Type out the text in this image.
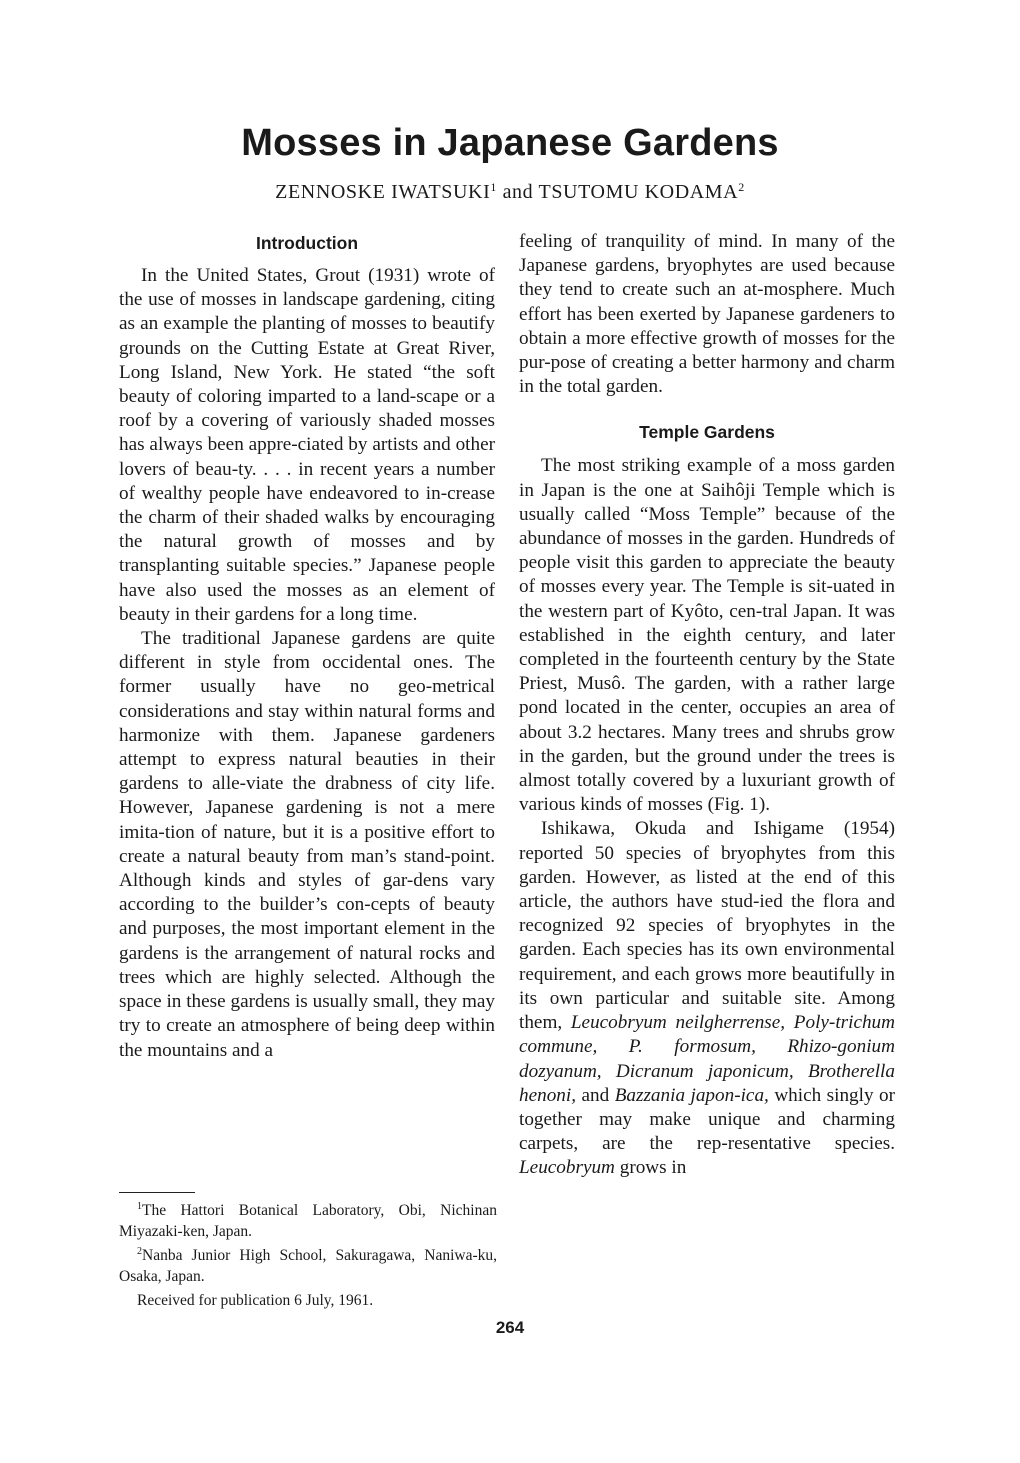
Mosses in Japanese Gardens
ZENNOSKE IWATSUKI$^1$ and TSUTOMU KODAMA$^2$
Introduction

In the United States, Grout (1931) wrote of the use of mosses in landscape gardening, citing as an example the planting of mosses to beautify grounds on the Cutting Estate at Great River, Long Island, New York. He stated “the soft beauty of coloring imparted to a land-scape or a roof by a covering of variously shaded mosses has always been appre-ciated by artists and other lovers of beau-ty. . . . in recent years a number of wealthy people have endeavored to in-crease the charm of their shaded walks by encouraging the natural growth of mosses and by transplanting suitable species.” Japanese people have also used the mosses as an element of beauty in their gardens for a long time.

The traditional Japanese gardens are quite different in style from occidental ones. The former usually have no geo-metrical considerations and stay within natural forms and harmonize with them. Japanese gardeners attempt to express natural beauties in their gardens to alle-viate the drabness of city life. However, Japanese gardening is not a mere imita-tion of nature, but it is a positive effort to create a natural beauty from man’s stand-point. Although kinds and styles of gar-dens vary according to the builder’s con-cepts of beauty and purposes, the most important element in the gardens is the arrangement of natural rocks and trees which are highly selected. Although the space in these gardens is usually small, they may try to create an atmosphere of being deep within the mountains and a

$^1$The Hattori Botanical Laboratory, Obi, Nichinan Miyazaki-ken, Japan.

$^2$Nanba Junior High School, Sakuragawa, Naniwa-ku, Osaka, Japan.

Received for publication 6 July, 1961.

feeling of tranquility of mind. In many of the Japanese gardens, bryophytes are used because they tend to create such an at-mosphere. Much effort has been exerted by Japanese gardeners to obtain a more effective growth of mosses for the pur-pose of creating a better harmony and charm in the total garden.

Temple Gardens

The most striking example of a moss garden in Japan is the one at Saihôji Temple which is usually called “Moss Temple” because of the abundance of mosses in the garden. Hundreds of people visit this garden to appreciate the beauty of mosses every year. The Temple is sit-uated in the western part of Kyôto, cen-tral Japan. It was established in the eighth century, and later completed in the fourteenth century by the State Priest, Musô. The garden, with a rather large pond located in the center, occupies an area of about 3.2 hectares. Many trees and shrubs grow in the garden, but the ground under the trees is almost totally covered by a luxuriant growth of various kinds of mosses (Fig. 1).

Ishikawa, Okuda and Ishigame (1954) reported 50 species of bryophytes from this garden. However, as listed at the end of this article, the authors have stud-ied the flora and recognized 92 species of bryophytes in the garden. Each species has its own environmental requirement, and each grows more beautifully in its own particular and suitable site. Among them, Leucobryum neilgherrense, Poly-trichum commune, P. formosum, Rhizo-gonium dozyanum, Dicranum japonicum, Brotherella henoni, and Bazzania japon-ica, which singly or together may make unique and charming carpets, are the rep-resentative species. Leucobryum grows in

264
